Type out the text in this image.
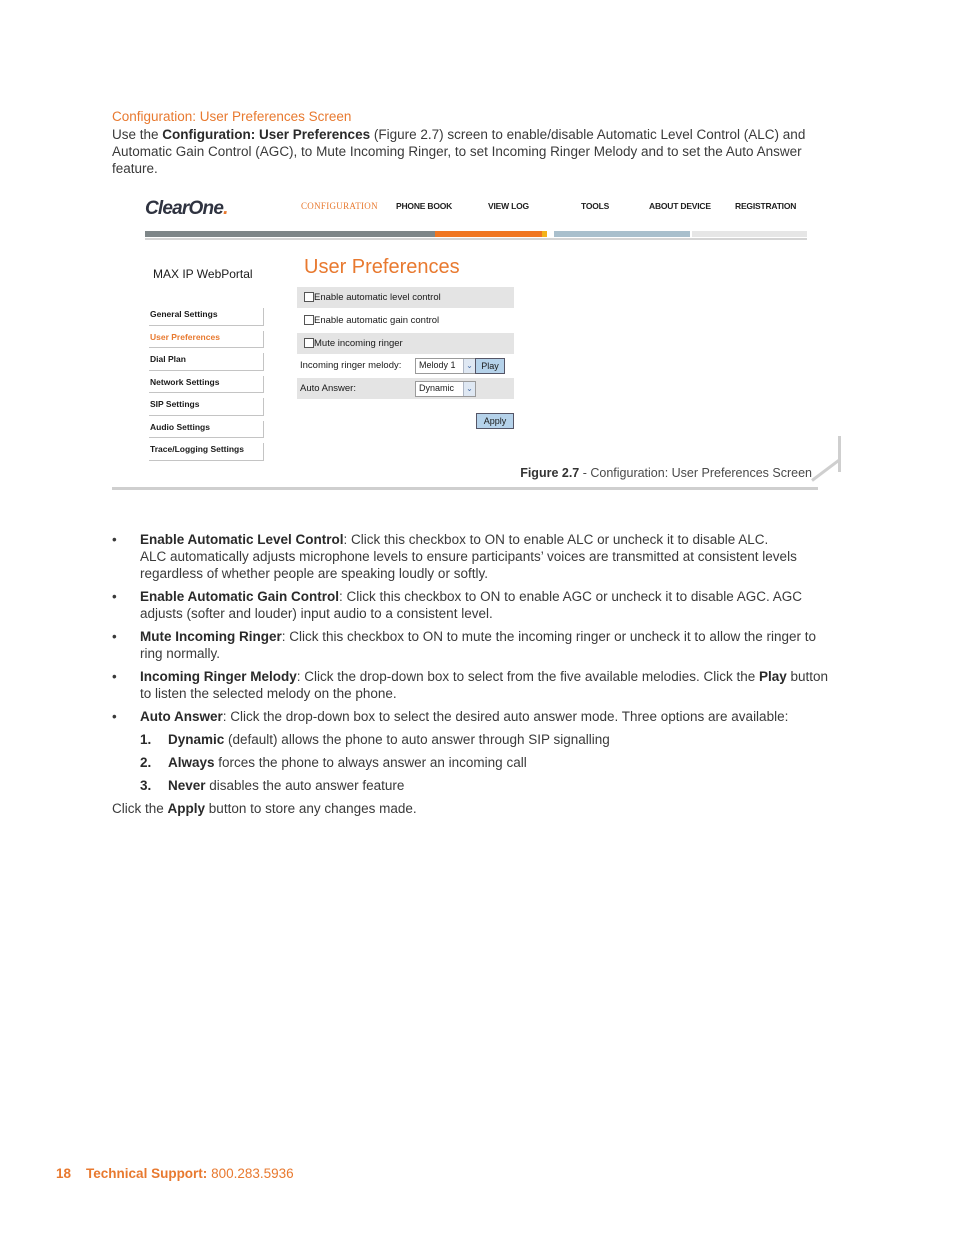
Configuration: User Preferences Screen
Use the Configuration: User Preferences (Figure 2.7) screen to enable/disable Automatic Level Control (ALC) and Automatic Gain Control (AGC), to Mute Incoming Ringer, to set Incoming Ringer Melody and to set the Auto Answer feature.
ClearOne.	CONFIGURATION PHONE BOOK	VIEW LOG	TOOLS	ABOUT DEVICE	REGISTRATION
MAX IP WebPortal	User Preferences
General Settings
User Preferences
Dial Plan
Network Settings
SIP Settings
Audio Settings
Trace/Logging Settings
Enable automatic level control
Enable automatic gain control
Mute incoming ringer
Incoming ringer melody: Melody 1	⌄ Play
Auto Answer:	Dynamic	⌄
Apply
Figure 2.7 - Configuration: User Preferences Screen
• Enable Automatic Level Control: Click this checkbox to ON to enable ALC or uncheck it to disable ALC.
ALC automatically adjusts microphone levels to ensure participants’ voices are transmitted at consistent levels regardless of whether people are speaking loudly or softly.
• Enable Automatic Gain Control: Click this checkbox to ON to enable AGC or uncheck it to disable AGC. AGC adjusts (softer and louder) input audio to a consistent level.
• Mute Incoming Ringer: Click this checkbox to ON to mute the incoming ringer or uncheck it to allow the ringer to ring normally.
• Incoming Ringer Melody: Click the drop-down box to select from the five available melodies. Click the Play button to listen the selected melody on the phone.
• Auto Answer: Click the drop-down box to select the desired auto answer mode. Three options are available:
1. Dynamic (default) allows the phone to auto answer through SIP signalling
2. Always forces the phone to always answer an incoming call
3. Never disables the auto answer feature
Click the Apply button to store any changes made.
18 Technical Support: 800.283.5936
